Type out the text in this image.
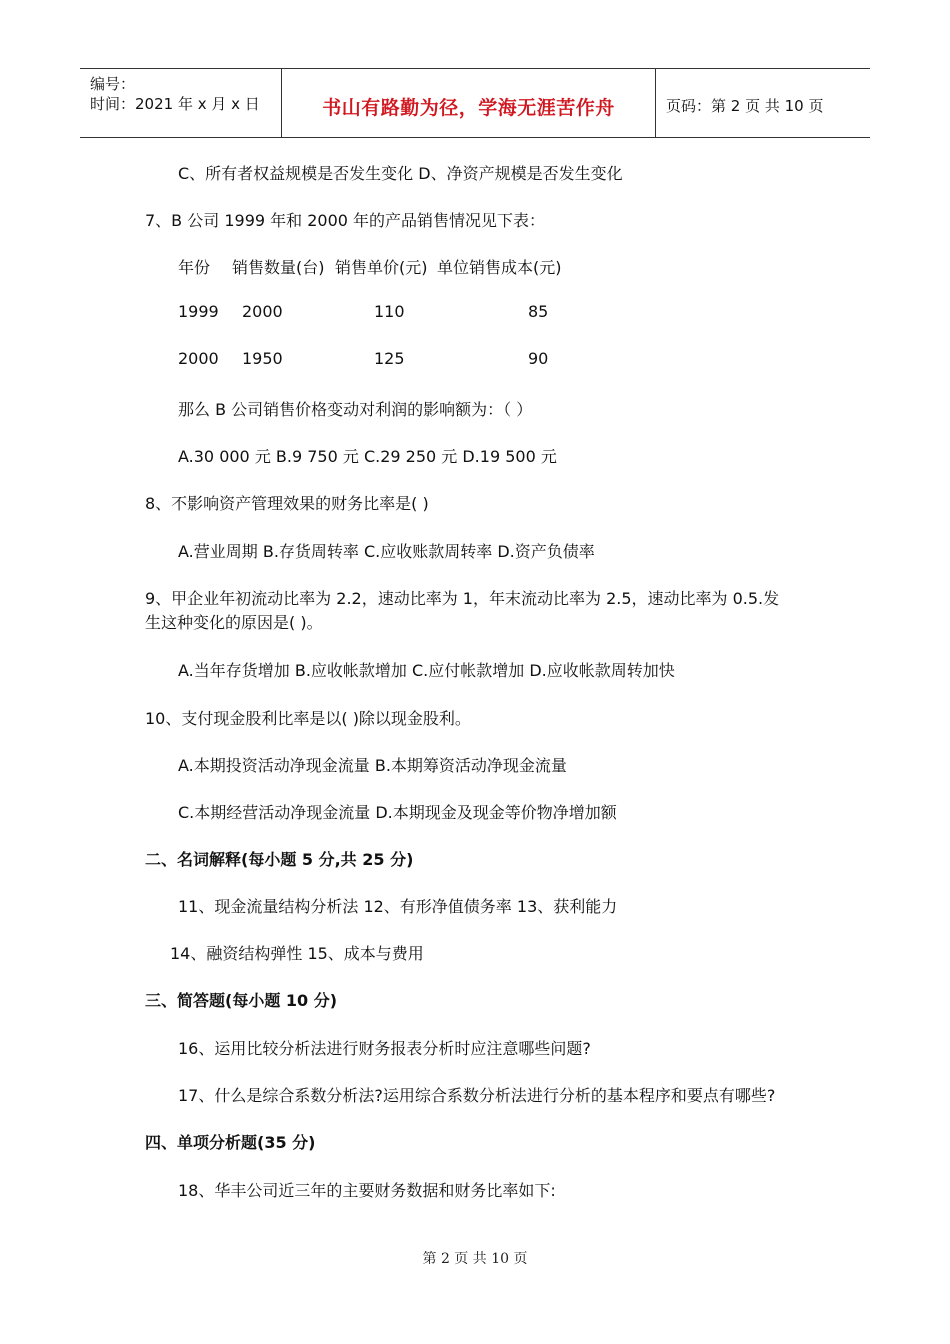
编号：
时间：2021 年 x 月 x 日	书山有路勤为径，学海无涯苦作舟	页码：第 2 页 共 10 页
C、所有者权益规模是否发生变化 D、净资产规模是否发生变化
7、B 公司 1999 年和 2000 年的产品销售情况见下表：
年份 销售数量(台) 销售单价(元) 单位销售成本(元)
1999 2000	110	85
2000 1950	125	90
那么 B 公司销售价格变动对利润的影响额为：（ ）
A.30 000 元 B.9 750 元 C.29 250 元 D.19 500 元
8、不影响资产管理效果的财务比率是( )
A.营业周期 B.存货周转率 C.应收账款周转率 D.资产负债率
9、甲企业年初流动比率为 2.2，速动比率为 1，年末流动比率为 2.5，速动比率为 0.5.发
生这种变化的原因是( )。
A.当年存货增加 B.应收帐款增加 C.应付帐款增加 D.应收帐款周转加快
10、支付现金股利比率是以( )除以现金股利。
A.本期投资活动净现金流量 B.本期筹资活动净现金流量
C.本期经营活动净现金流量 D.本期现金及现金等价物净增加额
二、名词解释(每小题 5 分,共 25 分)
11、现金流量结构分析法 12、有形净值债务率 13、获利能力
14、融资结构弹性 15、成本与费用
三、简答题(每小题 10 分)
16、运用比较分析法进行财务报表分析时应注意哪些问题?
17、什么是综合系数分析法?运用综合系数分析法进行分析的基本程序和要点有哪些?
四、单项分析题(35 分)
18、华丰公司近三年的主要财务数据和财务比率如下:
第 2 页 共 10 页
